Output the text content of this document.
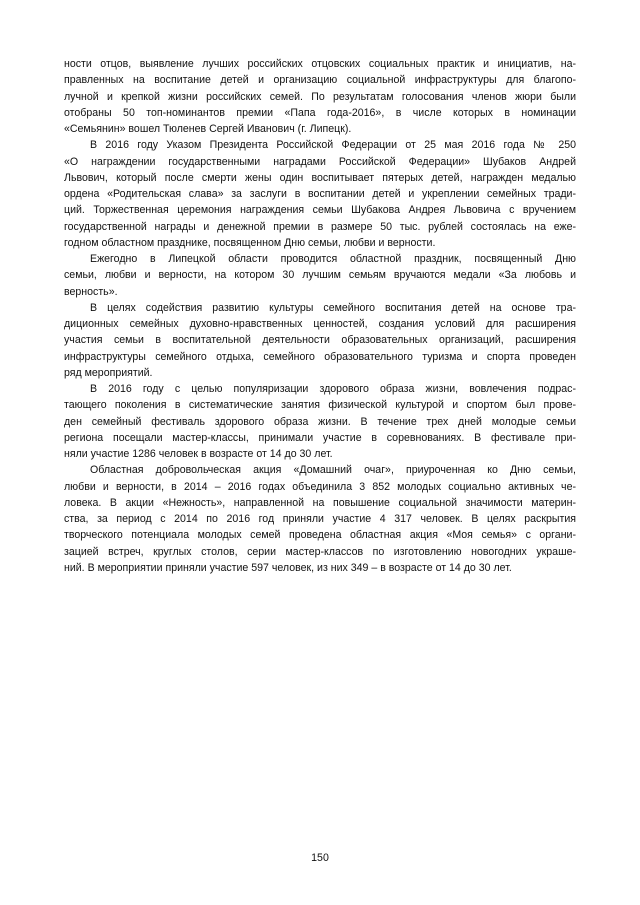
ности отцов, выявление лучших российских отцовских социальных практик и инициатив, на-
правленных на воспитание детей и организацию социальной инфраструктуры для благопо-
лучной и крепкой жизни российских семей. По результатам голосования членов жюри были
отобраны 50 топ-номинантов премии «Папа года-2016», в числе которых в номинации
«Семьянин» вошел Тюленев Сергей Иванович (г. Липецк).
В 2016 году Указом Президента Российской Федерации от 25 мая 2016 года № 250
«О награждении государственными наградами Российской Федерации» Шубаков Андрей
Львович, который после смерти жены один воспитывает пятерых детей, награжден медалью
ордена «Родительская слава» за заслуги в воспитании детей и укреплении семейных тради-
ций. Торжественная церемония награждения семьи Шубакова Андрея Львовича с вручением
государственной награды и денежной премии в размере 50 тыс. рублей состоялась на еже-
годном областном празднике, посвященном Дню семьи, любви и верности.
Ежегодно в Липецкой области проводится областной праздник, посвященный Дню
семьи, любви и верности, на котором 30 лучшим семьям вручаются медали «За любовь и
верность».
В целях содействия развитию культуры семейного воспитания детей на основе тра-
диционных семейных духовно-нравственных ценностей, создания условий для расширения
участия семьи в воспитательной деятельности образовательных организаций, расширения
инфраструктуры семейного отдыха, семейного образовательного туризма и спорта проведен
ряд мероприятий.
В 2016 году с целью популяризации здорового образа жизни, вовлечения подрас-
тающего поколения в систематические занятия физической культурой и спортом был прове-
ден семейный фестиваль здорового образа жизни. В течение трех дней молодые семьи
региона посещали мастер-классы, принимали участие в соревнованиях. В фестивале при-
няли участие 1286 человек в возрасте от 14 до 30 лет.
Областная добровольческая акция «Домашний очаг», приуроченная ко Дню семьи,
любви и верности, в 2014 – 2016 годах объединила 3 852 молодых социально активных че-
ловека. В акции «Нежность», направленной на повышение социальной значимости материн-
ства, за период с 2014 по 2016 год приняли участие 4 317 человек. В целях раскрытия
творческого потенциала молодых семей проведена областная акция «Моя семья» с органи-
зацией встреч, круглых столов, серии мастер-классов по изготовлению новогодних украше-
ний. В мероприятии приняли участие 597 человек, из них 349 – в возрасте от 14 до 30 лет.
150
